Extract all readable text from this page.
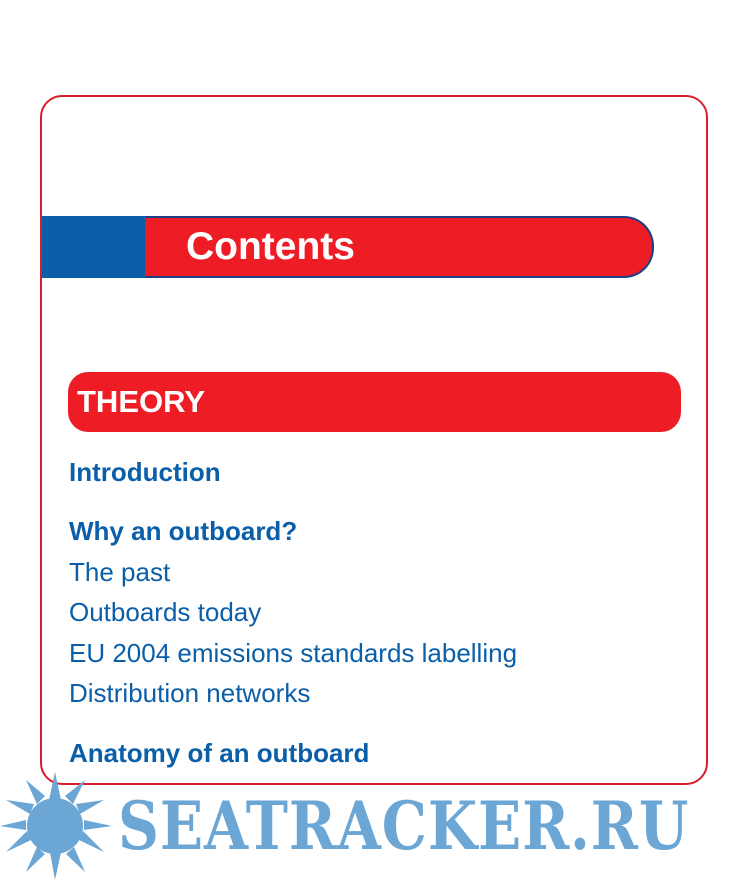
Contents
THEORY
Introduction
Why an outboard?
The past
Outboards today
EU 2004 emissions standards labelling
Distribution networks
Anatomy of an outboard
SEATRACKER.RU
